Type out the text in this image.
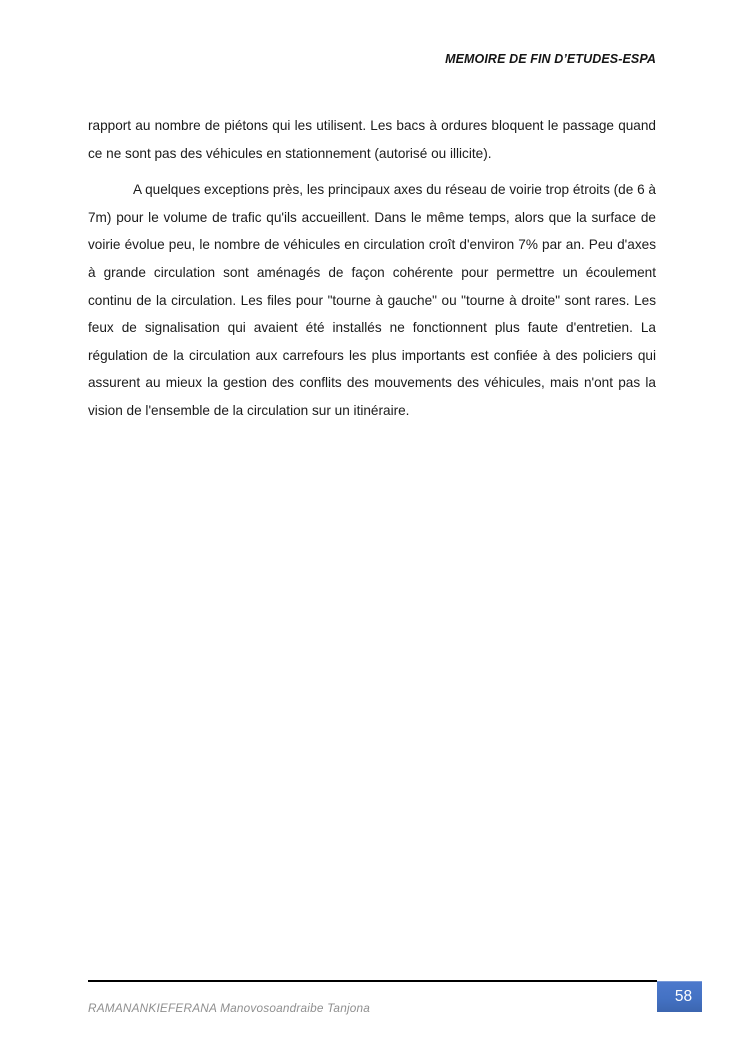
MEMOIRE DE FIN D’ETUDES-ESPA

rapport au nombre de piétons qui les utilisent. Les bacs à ordures bloquent le passage quand ce ne sont pas des véhicules en stationnement (autorisé ou illicite).

A quelques exceptions près, les principaux axes du réseau de voirie trop étroits (de 6 à 7m) pour le volume de trafic qu'ils accueillent. Dans le même temps, alors que la surface de voirie évolue peu, le nombre de véhicules en circulation croît d'environ 7% par an. Peu d'axes à grande circulation sont aménagés de façon cohérente pour permettre un écoulement continu de la circulation. Les files pour "tourne à gauche" ou "tourne à droite" sont rares. Les feux de signalisation qui avaient été installés ne fonctionnent plus faute d'entretien. La régulation de la circulation aux carrefours les plus importants est confiée à des policiers qui assurent au mieux la gestion des conflits des mouvements des véhicules, mais n'ont pas la vision de l'ensemble de la circulation sur un itinéraire.

58
RAMANANKIEFERANA Manovosoandraibe Tanjona
